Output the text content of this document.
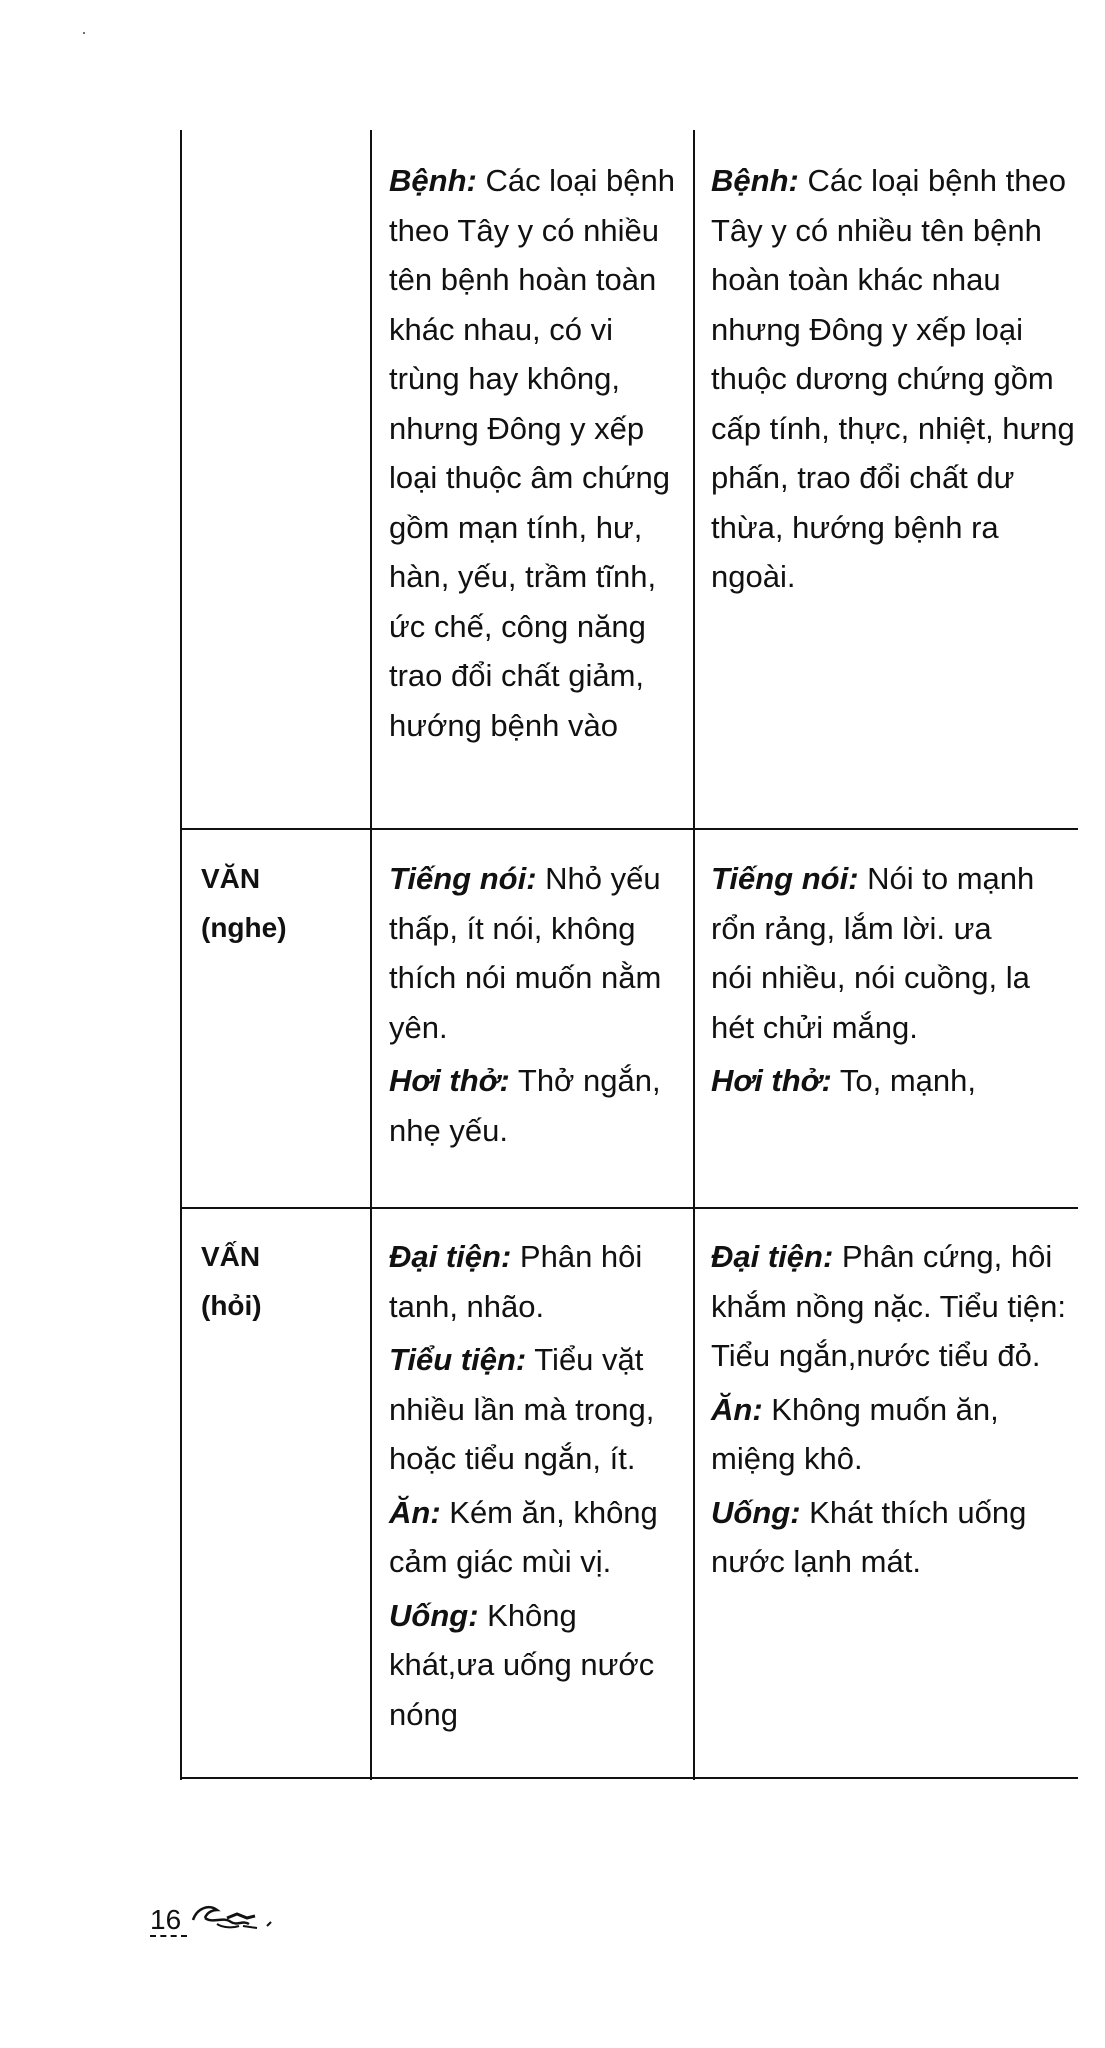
Bệnh: Các loại bệnh theo Tây y có nhiều tên bệnh hoàn toàn khác nhau, có vi trùng hay không, nhưng Đông y xếp loại thuộc âm chứng gồm mạn tính, hư, hàn, yếu, trầm tĩnh, ức chế, công năng trao đổi chất giảm, hướng bệnh vào

Bệnh: Các loại bệnh theo Tây y có nhiều tên bệnh hoàn toàn khác nhau nhưng Đông y xếp loại thuộc dương chứng gồm cấp tính, thực, nhiệt, hưng phấn, trao đổi chất dư thừa, hướng bệnh ra ngoài.

VĂN
(nghe)

Tiếng nói: Nhỏ yếu thấp, ít nói, không thích nói muốn nằm yên.

Hơi thở: Thở ngắn, nhẹ yếu.

Tiếng nói: Nói to mạnh rổn rảng, lắm lời. ưa nói nhiều, nói cuồng, la hét chửi mắng.

Hơi thở: To, mạnh,

VẤN
(hỏi)

Đại tiện: Phân hôi tanh, nhão.

Tiểu tiện: Tiểu vặt nhiều lần mà trong, hoặc tiểu ngắn, ít.

Ăn: Kém ăn, không cảm giác mùi vị.

Uống: Không khát,ưa uống nước nóng

Đại tiện: Phân cứng, hôi khắm nồng nặc. Tiểu tiện: Tiểu ngắn,nước tiểu đỏ.

Ăn: Không muốn ăn, miệng khô.

Uống: Khát thích uống nước lạnh mát.

16
